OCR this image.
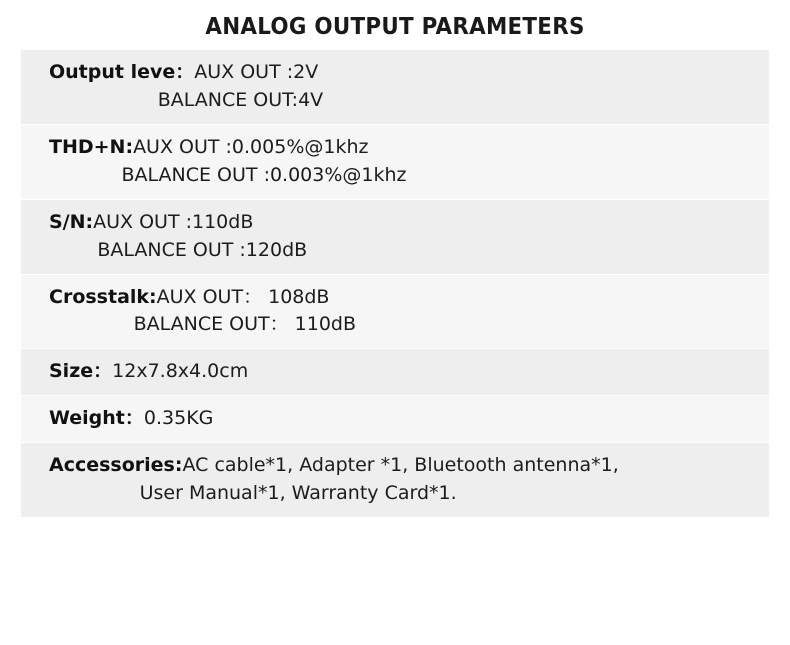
ANALOG OUTPUT PARAMETERS
Output leve：AUX OUT :2V
BALANCE OUT:4V

THD+N:AUX OUT :0.005%@1khz
BALANCE OUT :0.003%@1khz

S/N:AUX OUT :110dB
BALANCE OUT :120dB

Crosstalk:AUX OUT： 108dB
BALANCE OUT： 110dB

Size：12x7.8x4.0cm

Weight：0.35KG

Accessories:AC cable*1, Adapter *1, Bluetooth antenna*1,
User Manual*1, Warranty Card*1.
